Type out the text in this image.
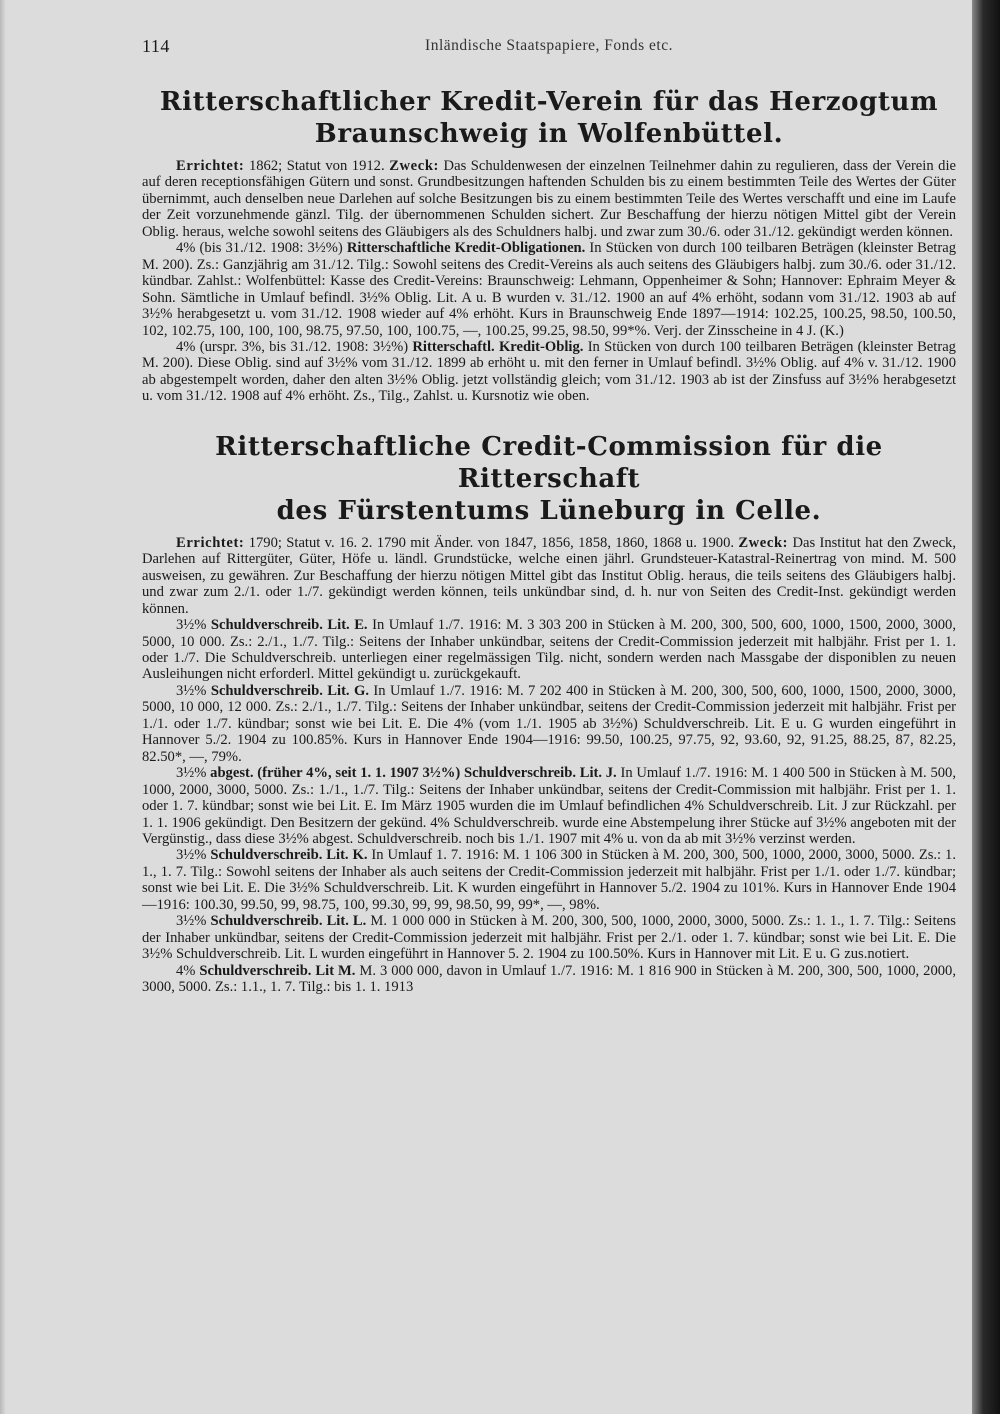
114	Inländische Staatspapiere, Fonds etc.
Ritterschaftlicher Kredit-Verein für das Herzogtum
Braunschweig in Wolfenbüttel.

Errichtet: 1862; Statut von 1912. Zweck: Das Schuldenwesen der einzelnen Teilnehmer dahin zu regulieren, dass der Verein die auf deren receptionsfähigen Gütern und sonst. Grundbesitzungen haftenden Schulden bis zu einem bestimmten Teile des Wertes der Güter übernimmt, auch denselben neue Darlehen auf solche Besitzungen bis zu einem bestimmten Teile des Wertes verschafft und eine im Laufe der Zeit vorzunehmende gänzl. Tilg. der übernommenen Schulden sichert. Zur Beschaffung der hierzu nötigen Mittel gibt der Verein Oblig. heraus, welche sowohl seitens des Gläubigers als des Schuldners halbj. und zwar zum 30./6. oder 31./12. gekündigt werden können.

4% (bis 31./12. 1908: 3½%) Ritterschaftliche Kredit-Obligationen. In Stücken von durch 100 teilbaren Beträgen (kleinster Betrag M. 200). Zs.: Ganzjährig am 31./12. Tilg.: Sowohl seitens des Credit-Vereins als auch seitens des Gläubigers halbj. zum 30./6. oder 31./12. kündbar. Zahlst.: Wolfenbüttel: Kasse des Credit-Vereins: Braunschweig: Lehmann, Oppenheimer & Sohn; Hannover: Ephraim Meyer & Sohn. Sämtliche in Umlauf befindl. 3½% Oblig. Lit. A u. B wurden v. 31./12. 1900 an auf 4% erhöht, sodann vom 31./12. 1903 ab auf 3½% herabgesetzt u. vom 31./12. 1908 wieder auf 4% erhöht. Kurs in Braunschweig Ende 1897—1914: 102.25, 100.25, 98.50, 100.50, 102, 102.75, 100, 100, 100, 98.75, 97.50, 100, 100.75, —, 100.25, 99.25, 98.50, 99*%. Verj. der Zinsscheine in 4 J. (K.)

4% (urspr. 3%, bis 31./12. 1908: 3½%) Ritterschaftl. Kredit-Oblig. In Stücken von durch 100 teilbaren Beträgen (kleinster Betrag M. 200). Diese Oblig. sind auf 3½% vom 31./12. 1899 ab erhöht u. mit den ferner in Umlauf befindl. 3½% Oblig. auf 4% v. 31./12. 1900 ab abgestempelt worden, daher den alten 3½% Oblig. jetzt vollständig gleich; vom 31./12. 1903 ab ist der Zinsfuss auf 3½% herabgesetzt u. vom 31./12. 1908 auf 4% erhöht. Zs., Tilg., Zahlst. u. Kursnotiz wie oben.

Ritterschaftliche Credit-Commission für die Ritterschaft
des Fürstentums Lüneburg in Celle.

Errichtet: 1790; Statut v. 16. 2. 1790 mit Änder. von 1847, 1856, 1858, 1860, 1868 u. 1900. Zweck: Das Institut hat den Zweck, Darlehen auf Rittergüter, Güter, Höfe u. ländl. Grundstücke, welche einen jährl. Grundsteuer-Katastral-Reinertrag von mind. M. 500 ausweisen, zu gewähren. Zur Beschaffung der hierzu nötigen Mittel gibt das Institut Oblig. heraus, die teils seitens des Gläubigers halbj. und zwar zum 2./1. oder 1./7. gekündigt werden können, teils unkündbar sind, d. h. nur von Seiten des Credit-Inst. gekündigt werden können.

3½% Schuldverschreib. Lit. E. In Umlauf 1./7. 1916: M. 3 303 200 in Stücken à M. 200, 300, 500, 600, 1000, 1500, 2000, 3000, 5000, 10 000. Zs.: 2./1., 1./7. Tilg.: Seitens der Inhaber unkündbar, seitens der Credit-Commission jederzeit mit halbjähr. Frist per 1. 1. oder 1./7. Die Schuldverschreib. unterliegen einer regelmässigen Tilg. nicht, sondern werden nach Massgabe der disponiblen zu neuen Ausleihungen nicht erforderl. Mittel gekündigt u. zurückgekauft.

3½% Schuldverschreib. Lit. G. In Umlauf 1./7. 1916: M. 7 202 400 in Stücken à M. 200, 300, 500, 600, 1000, 1500, 2000, 3000, 5000, 10 000, 12 000. Zs.: 2./1., 1./7. Tilg.: Seitens der Inhaber unkündbar, seitens der Credit-Commission jederzeit mit halbjähr. Frist per 1./1. oder 1./7. kündbar; sonst wie bei Lit. E. Die 4% (vom 1./1. 1905 ab 3½%) Schuldverschreib. Lit. E u. G wurden eingeführt in Hannover 5./2. 1904 zu 100.85%. Kurs in Hannover Ende 1904—1916: 99.50, 100.25, 97.75, 92, 93.60, 92, 91.25, 88.25, 87, 82.25, 82.50*, —, 79%.

3½% abgest. (früher 4%, seit 1. 1. 1907 3½%) Schuldverschreib. Lit. J. In Umlauf 1./7. 1916: M. 1 400 500 in Stücken à M. 500, 1000, 2000, 3000, 5000. Zs.: 1./1., 1./7. Tilg.: Seitens der Inhaber unkündbar, seitens der Credit-Commission mit halbjähr. Frist per 1. 1. oder 1. 7. kündbar; sonst wie bei Lit. E. Im März 1905 wurden die im Umlauf befindlichen 4% Schuldverschreib. Lit. J zur Rückzahl. per 1. 1. 1906 gekündigt. Den Besitzern der gekünd. 4% Schuldverschreib. wurde eine Abstempelung ihrer Stücke auf 3½% angeboten mit der Vergünstig., dass diese 3½% abgest. Schuldverschreib. noch bis 1./1. 1907 mit 4% u. von da ab mit 3½% verzinst werden.

3½% Schuldverschreib. Lit. K. In Umlauf 1. 7. 1916: M. 1 106 300 in Stücken à M. 200, 300, 500, 1000, 2000, 3000, 5000. Zs.: 1. 1., 1. 7. Tilg.: Sowohl seitens der Inhaber als auch seitens der Credit-Commission jederzeit mit halbjähr. Frist per 1./1. oder 1./7. kündbar; sonst wie bei Lit. E. Die 3½% Schuldverschreib. Lit. K wurden eingeführt in Hannover 5./2. 1904 zu 101%. Kurs in Hannover Ende 1904—1916: 100.30, 99.50, 99, 98.75, 100, 99.30, 99, 99, 98.50, 99, 99*, —, 98%.

3½% Schuldverschreib. Lit. L. M. 1 000 000 in Stücken à M. 200, 300, 500, 1000, 2000, 3000, 5000. Zs.: 1. 1., 1. 7. Tilg.: Seitens der Inhaber unkündbar, seitens der Credit-Commission jederzeit mit halbjähr. Frist per 2./1. oder 1. 7. kündbar; sonst wie bei Lit. E. Die 3½% Schuldverschreib. Lit. L wurden eingeführt in Hannover 5. 2. 1904 zu 100.50%. Kurs in Hannover mit Lit. E u. G zus.notiert.

4% Schuldverschreib. Lit M. M. 3 000 000, davon in Umlauf 1./7. 1916: M. 1 816 900 in Stücken à M. 200, 300, 500, 1000, 2000, 3000, 5000. Zs.: 1.1., 1. 7. Tilg.: bis 1. 1. 1913
